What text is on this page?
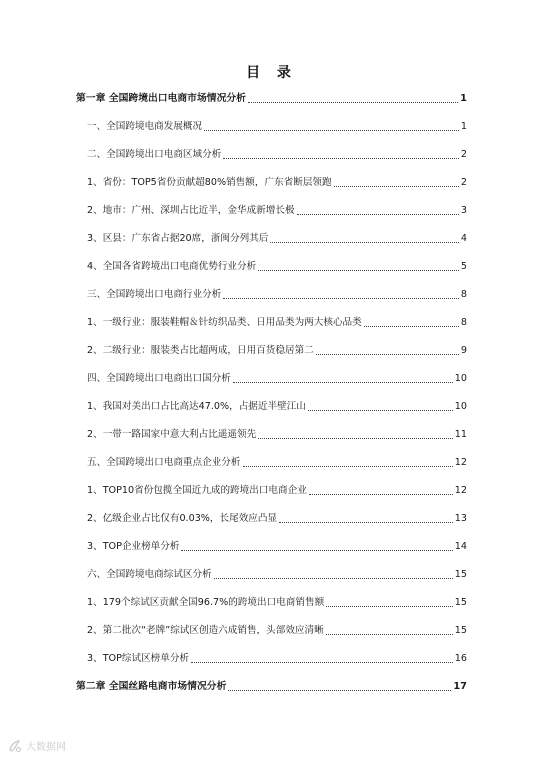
目 录
第一章 全国跨境出口电商市场情况分析	1
一、全国跨境电商发展概况	1
二、全国跨境出口电商区域分析	2
1、省份：TOP5省份贡献超80%销售额，广东省断层领跑	2
2、地市：广州、深圳占比近半，金华成新增长极	3
3、区县：广东省占据20席，浙闽分列其后	4
4、全国各省跨境出口电商优势行业分析	5
三、全国跨境出口电商行业分析	8
1、一级行业：服装鞋帽＆针纺织品类、日用品类为两大核心品类	8
2、二级行业：服装类占比超两成，日用百货稳居第二	9
四、全国跨境出口电商出口国分析	10
1、我国对美出口占比高达47.0%，占据近半壁江山	10
2、一带一路国家中意大利占比遥遥领先	11
五、全国跨境出口电商重点企业分析	12
1、TOP10省份包揽全国近九成的跨境出口电商企业	12
2、亿级企业占比仅有0.03%，长尾效应凸显	13
3、TOP企业榜单分析	14
六、全国跨境电商综试区分析	15
1、179个综试区贡献全国96.7%的跨境出口电商销售额	15
2、第二批次“老牌”综试区创造六成销售，头部效应清晰	15
3、TOP综试区榜单分析	16
第二章 全国丝路电商市场情况分析	17
大数据网
